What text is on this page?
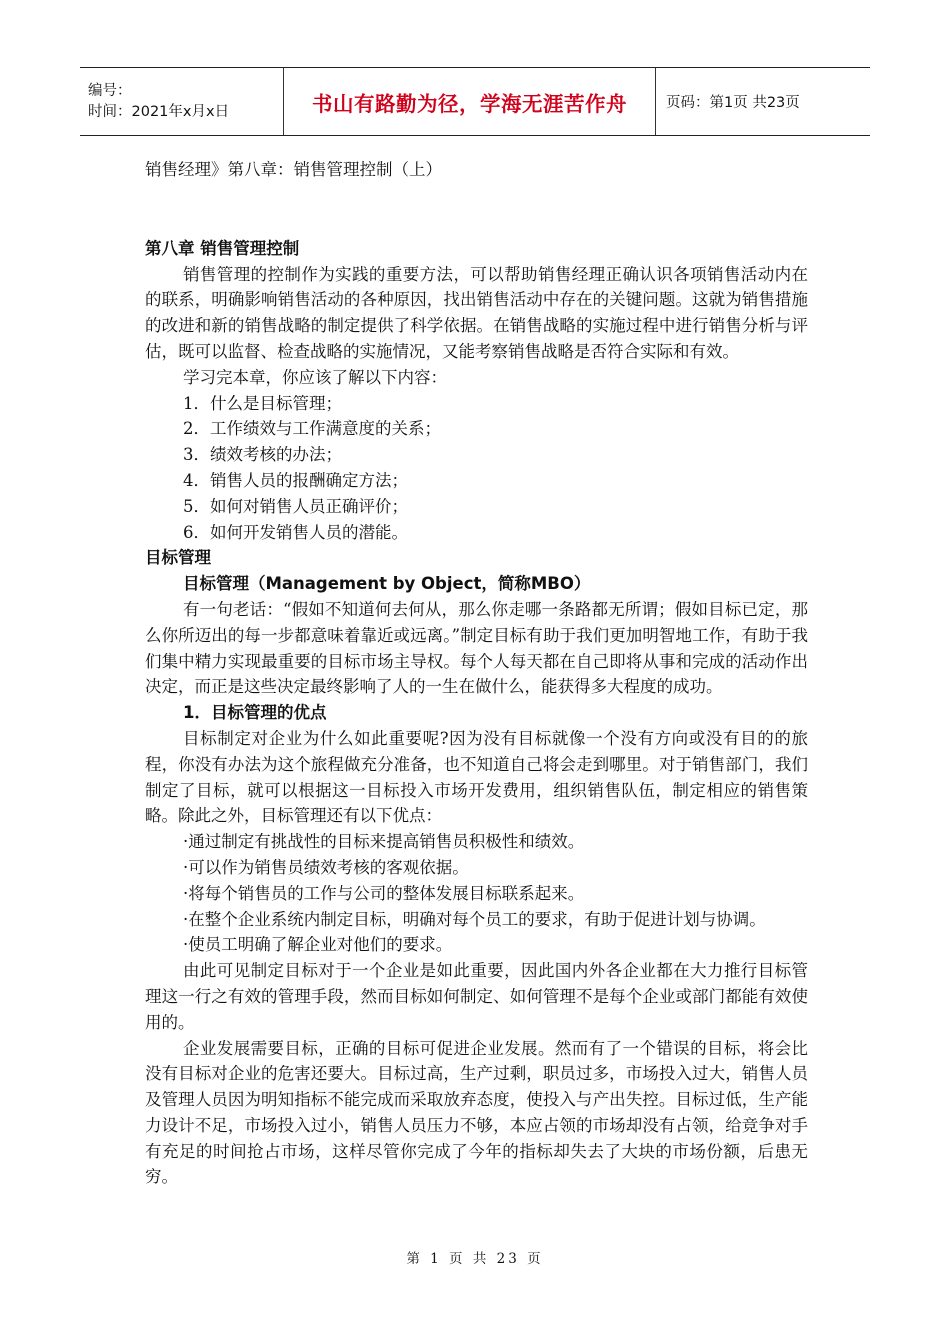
编号：
时间：2021年x月x日	书山有路勤为径，学海无涯苦作舟	页码：第1页 共23页

销售经理》第八章：销售管理控制（上）

第八章 销售管理控制

销售管理的控制作为实践的重要方法，可以帮助销售经理正确认识各项销售活动内在的联系，明确影响销售活动的各种原因，找出销售活动中存在的关键问题。这就为销售措施的改进和新的销售战略的制定提供了科学依据。在销售战略的实施过程中进行销售分析与评估，既可以监督、检查战略的实施情况，又能考察销售战略是否符合实际和有效。

学习完本章，你应该了解以下内容：

1．什么是目标管理；

2．工作绩效与工作满意度的关系；

3．绩效考核的办法；

4．销售人员的报酬确定方法；

5．如何对销售人员正确评价；

6．如何开发销售人员的潜能。

目标管理

目标管理（Management by Object，简称MBO）

有一句老话：“假如不知道何去何从，那么你走哪一条路都无所谓；假如目标已定，那么你所迈出的每一步都意味着靠近或远离。”制定目标有助于我们更加明智地工作，有助于我们集中精力实现最重要的目标市场主导权。每个人每天都在自己即将从事和完成的活动作出决定，而正是这些决定最终影响了人的一生在做什么，能获得多大程度的成功。

1．目标管理的优点

目标制定对企业为什么如此重要呢?因为没有目标就像一个没有方向或没有目的的旅程，你没有办法为这个旅程做充分准备，也不知道自己将会走到哪里。对于销售部门，我们制定了目标，就可以根据这一目标投入市场开发费用，组织销售队伍，制定相应的销售策略。除此之外，目标管理还有以下优点：

·通过制定有挑战性的目标来提高销售员积极性和绩效。

·可以作为销售员绩效考核的客观依据。

·将每个销售员的工作与公司的整体发展目标联系起来。

·在整个企业系统内制定目标，明确对每个员工的要求，有助于促进计划与协调。

·使员工明确了解企业对他们的要求。

由此可见制定目标对于一个企业是如此重要，因此国内外各企业都在大力推行目标管理这一行之有效的管理手段，然而目标如何制定、如何管理不是每个企业或部门都能有效使用的。

企业发展需要目标，正确的目标可促进企业发展。然而有了一个错误的目标，将会比没有目标对企业的危害还要大。目标过高，生产过剩，职员过多，市场投入过大，销售人员及管理人员因为明知指标不能完成而采取放弃态度，使投入与产出失控。目标过低，生产能力设计不足，市场投入过小，销售人员压力不够，本应占领的市场却没有占领，给竞争对手有充足的时间抢占市场，这样尽管你完成了今年的指标却失去了大块的市场份额，后患无穷。

第 1 页 共 23 页
